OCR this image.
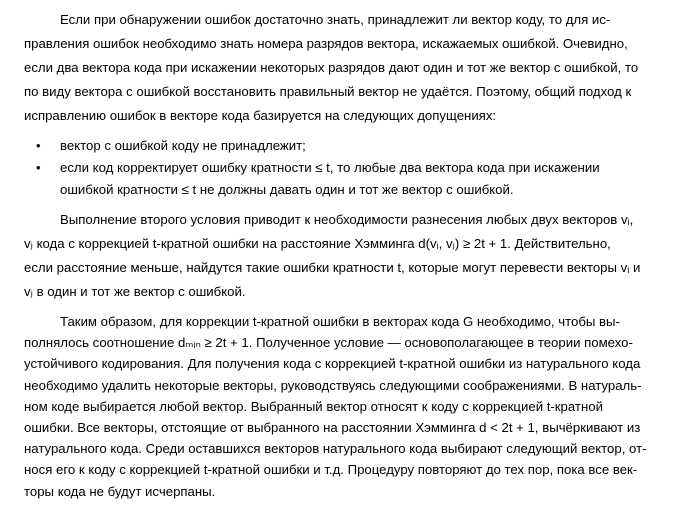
Если при обнаружении ошибок достаточно знать, принадлежит ли вектор коду, то для ис-
правления ошибок необходимо знать номера разрядов вектора, искажаемых ошибкой. Очевидно,
если два вектора кода при искажении некоторых разрядов дают один и тот же вектор с ошибкой, то
по виду вектора с ошибкой восстановить правильный вектор не удаётся. Поэтому, общий подход к
исправлению ошибок в векторе кода базируется на следующих допущениях:
• вектор с ошибкой коду не принадлежит;
• если код корректирует ошибку кратности ≤ t, то любые два вектора кода при искажении
ошибкой кратности ≤ t не должны давать один и тот же вектор с ошибкой.
Выполнение второго условия приводит к необходимости разнесения любых двух векторов vᵢ,
vⱼ кода с коррекцией t-кратной ошибки на расстояние Хэмминга d(vᵢ, vⱼ) ≥ 2t + 1. Действительно,
если расстояние меньше, найдутся такие ошибки кратности t, которые могут перевести векторы vᵢ и
vⱼ в один и тот же вектор с ошибкой.
Таким образом, для коррекции t-кратной ошибки в векторах кода G необходимо, чтобы вы-
полнялось соотношение dₘᵢₙ ≥ 2t + 1. Полученное условие — основополагающее в теории помехо-
устойчивого кодирования. Для получения кода с коррекцией t-кратной ошибки из натурального кода
необходимо удалить некоторые векторы, руководствуясь следующими соображениями. В натураль-
ном коде выбирается любой вектор. Выбранный вектор относят к коду с коррекцией t-кратной
ошибки. Все векторы, отстоящие от выбранного на расстоянии Хэмминга d < 2t + 1, вычёркивают из
натурального кода. Среди оставшихся векторов натурального кода выбирают следующий вектор, от-
нося его к коду с коррекцией t-кратной ошибки и т.д. Процедуру повторяют до тех пор, пока все век-
торы кода не будут исчерпаны.
